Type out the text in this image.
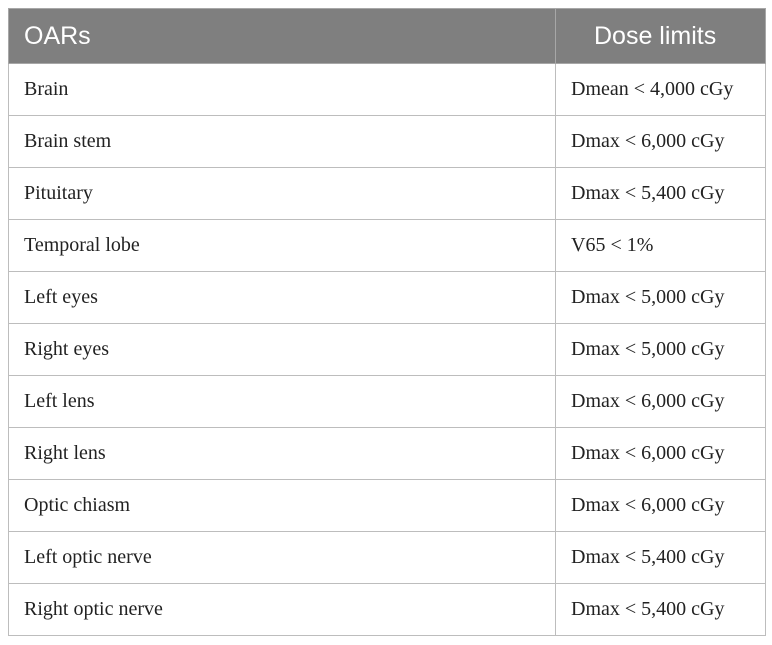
OARs	Dose limits
Brain	Dmean < 4,000 cGy
Brain stem	Dmax < 6,000 cGy
Pituitary	Dmax < 5,400 cGy
Temporal lobe	V65 < 1%
Left eyes	Dmax < 5,000 cGy
Right eyes	Dmax < 5,000 cGy
Left lens	Dmax < 6,000 cGy
Right lens	Dmax < 6,000 cGy
Optic chiasm	Dmax < 6,000 cGy
Left optic nerve	Dmax < 5,400 cGy
Right optic nerve	Dmax < 5,400 cGy
